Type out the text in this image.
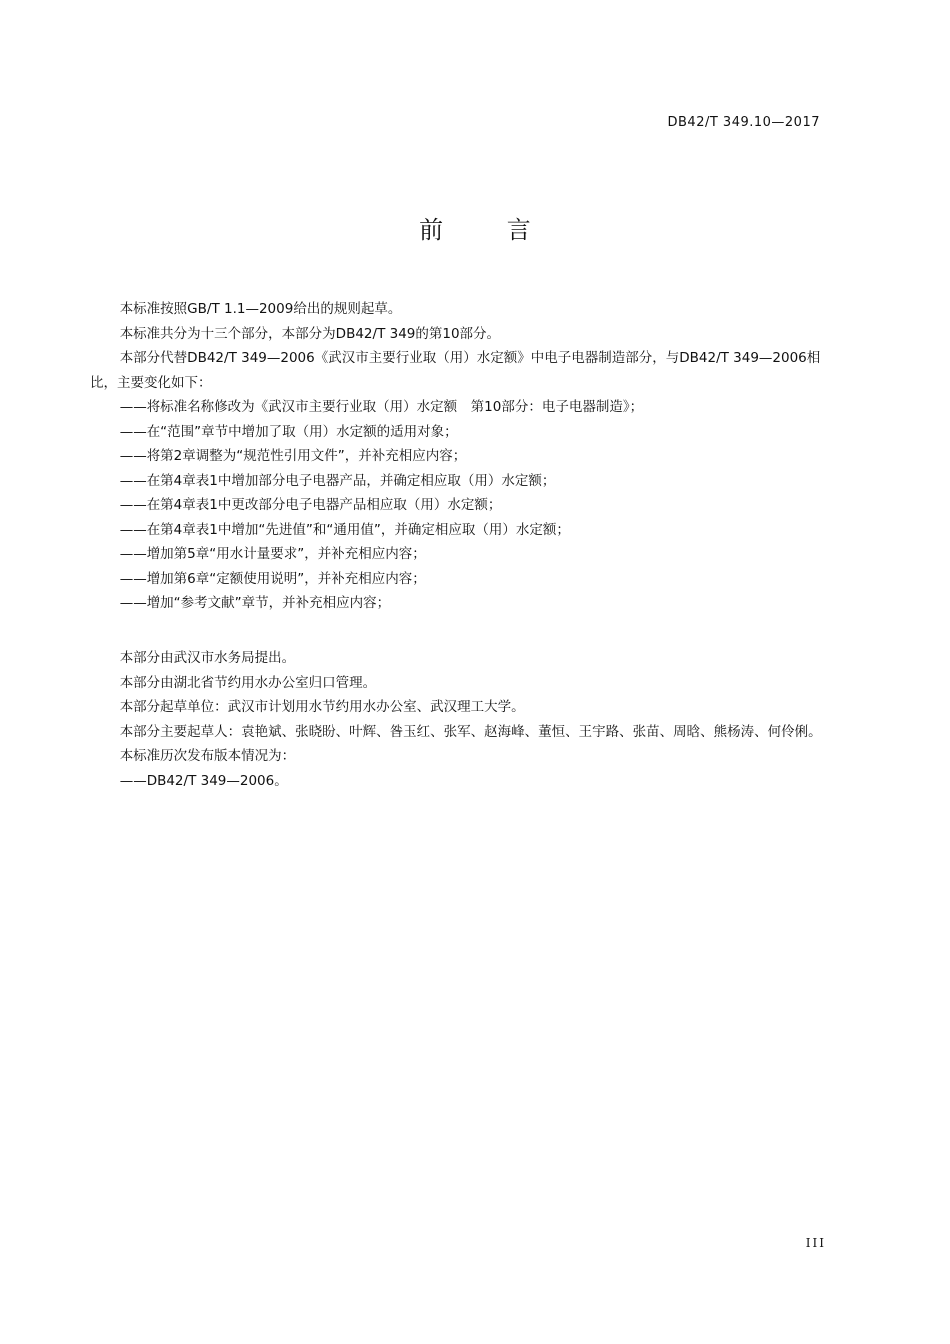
DB42/T 349.10—2017
前 言

本标准按照GB/T 1.1—2009给出的规则起草。

本标准共分为十三个部分，本部分为DB42/T 349的第10部分。

本部分代替DB42/T 349—2006《武汉市主要行业取（用）水定额》中电子电器制造部分，与DB42/T 349—2006相比，主要变化如下：

——将标准名称修改为《武汉市主要行业取（用）水定额　第10部分：电子电器制造》；

——在“范围”章节中增加了取（用）水定额的适用对象；

——将第2章调整为“规范性引用文件”，并补充相应内容；

——在第4章表1中增加部分电子电器产品，并确定相应取（用）水定额；

——在第4章表1中更改部分电子电器产品相应取（用）水定额；

——在第4章表1中增加“先进值”和“通用值”，并确定相应取（用）水定额；

——增加第5章“用水计量要求”，并补充相应内容；

——增加第6章“定额使用说明”，并补充相应内容；

——增加“参考文献”章节，并补充相应内容；

本部分由武汉市水务局提出。

本部分由湖北省节约用水办公室归口管理。

本部分起草单位：武汉市计划用水节约用水办公室、武汉理工大学。

本部分主要起草人：袁艳斌、张晓盼、叶辉、昝玉红、张军、赵海峰、董恒、王宇路、张苗、周晗、熊杨涛、何伶俐。

本标准历次发布版本情况为：

——DB42/T 349—2006。

III
